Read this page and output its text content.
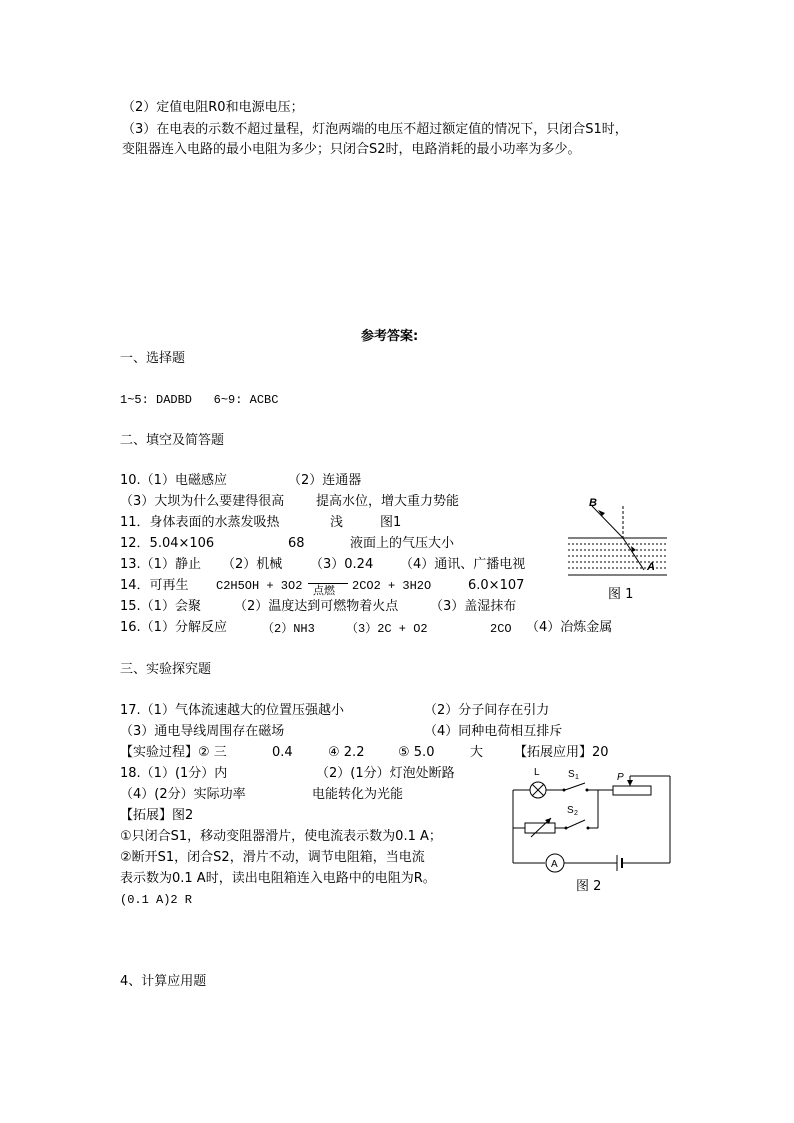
（2）定值电阻R0和电源电压；
（3）在电表的示数不超过量程，灯泡两端的电压不超过额定值的情况下，只闭合S1时，
变阻器连入电路的最小电阻为多少；只闭合S2时，电路消耗的最小功率为多少。
参考答案:
一、选择题
1~5: DADBD   6~9: ACBC
二、填空及简答题
10.（1）电磁感应	（2）连通器
（3）大坝为什么要建得很高 提高水位，增大重力势能
11．身体表面的水蒸发吸热	浅	图1
12．5.04×106	68	液面上的气压大小
13.（1）静止 （2）机械 （3）0.24 （4）通讯、广播电视
14．可再生 C2H5OH + 3O2 点燃 2CO2 + 3H2O	6.0×107
15.（1）会聚	（2）温度达到可燃物着火点 （3）盖湿抹布
16.（1）分解反应	（2）NH3	（3）2C + O2	2CO （4）冶炼金属
三、实验探究题
17.（1）气体流速越大的位置压强越小	（2）分子间存在引力
（3）通电导线周围存在磁场	（4）同种电荷相互排斥
【实验过程】② 三	0.4	④ 2.2	⑤ 5.0	大 【拓展应用】20
18.（1）(1分）内	（2）(1分）灯泡处断路
（4）(2分）实际功率	电能转化为光能
【拓展】图2
①只闭合S1，移动变阻器滑片，使电流表示数为0.1 A；
②断开S1，闭合S2，滑片不动，调节电阻箱，当电流
表示数为0.1 A时，读出电阻箱连入电路中的电阻为R。
(0.1 A)2 R
4、计算应用题
B
A
图 1
L	S 1
S 2
P
A
图 2
